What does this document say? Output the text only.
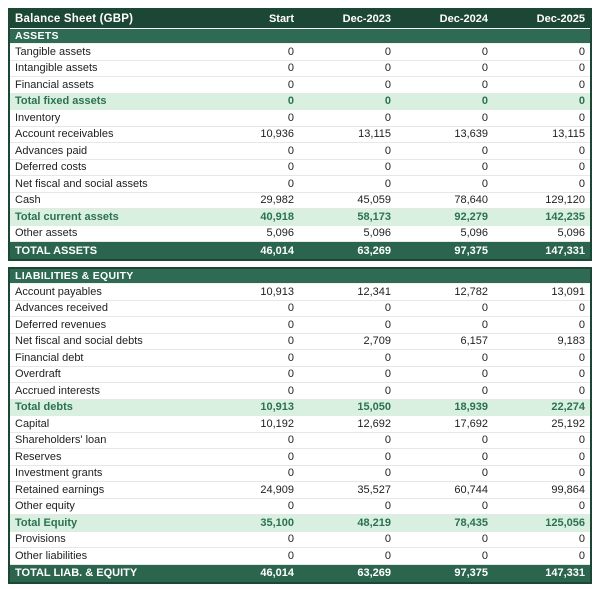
Balance Sheet (GBP)	Start	Dec-2023	Dec-2024	Dec-2025
ASSETS
Tangible assets	0	0	0	0
Intangible assets	0	0	0	0
Financial assets	0	0	0	0
Total fixed assets	0	0	0	0
Inventory	0	0	0	0
Account receivables	10,936	13,115	13,639	13,115
Advances paid	0	0	0	0
Deferred costs	0	0	0	0
Net fiscal and social assets	0	0	0	0
Cash	29,982	45,059	78,640	129,120
Total current assets	40,918	58,173	92,279	142,235
Other assets	5,096	5,096	5,096	5,096
TOTAL ASSETS	46,014	63,269	97,375	147,331
LIABILITIES & EQUITY
Account payables	10,913	12,341	12,782	13,091
Advances received	0	0	0	0
Deferred revenues	0	0	0	0
Net fiscal and social debts	0	2,709	6,157	9,183
Financial debt	0	0	0	0
Overdraft	0	0	0	0
Accrued interests	0	0	0	0
Total debts	10,913	15,050	18,939	22,274
Capital	10,192	12,692	17,692	25,192
Shareholders' loan	0	0	0	0
Reserves	0	0	0	0
Investment grants	0	0	0	0
Retained earnings	24,909	35,527	60,744	99,864
Other equity	0	0	0	0
Total Equity	35,100	48,219	78,435	125,056
Provisions	0	0	0	0
Other liabilities	0	0	0	0
TOTAL LIAB. & EQUITY	46,014	63,269	97,375	147,331
